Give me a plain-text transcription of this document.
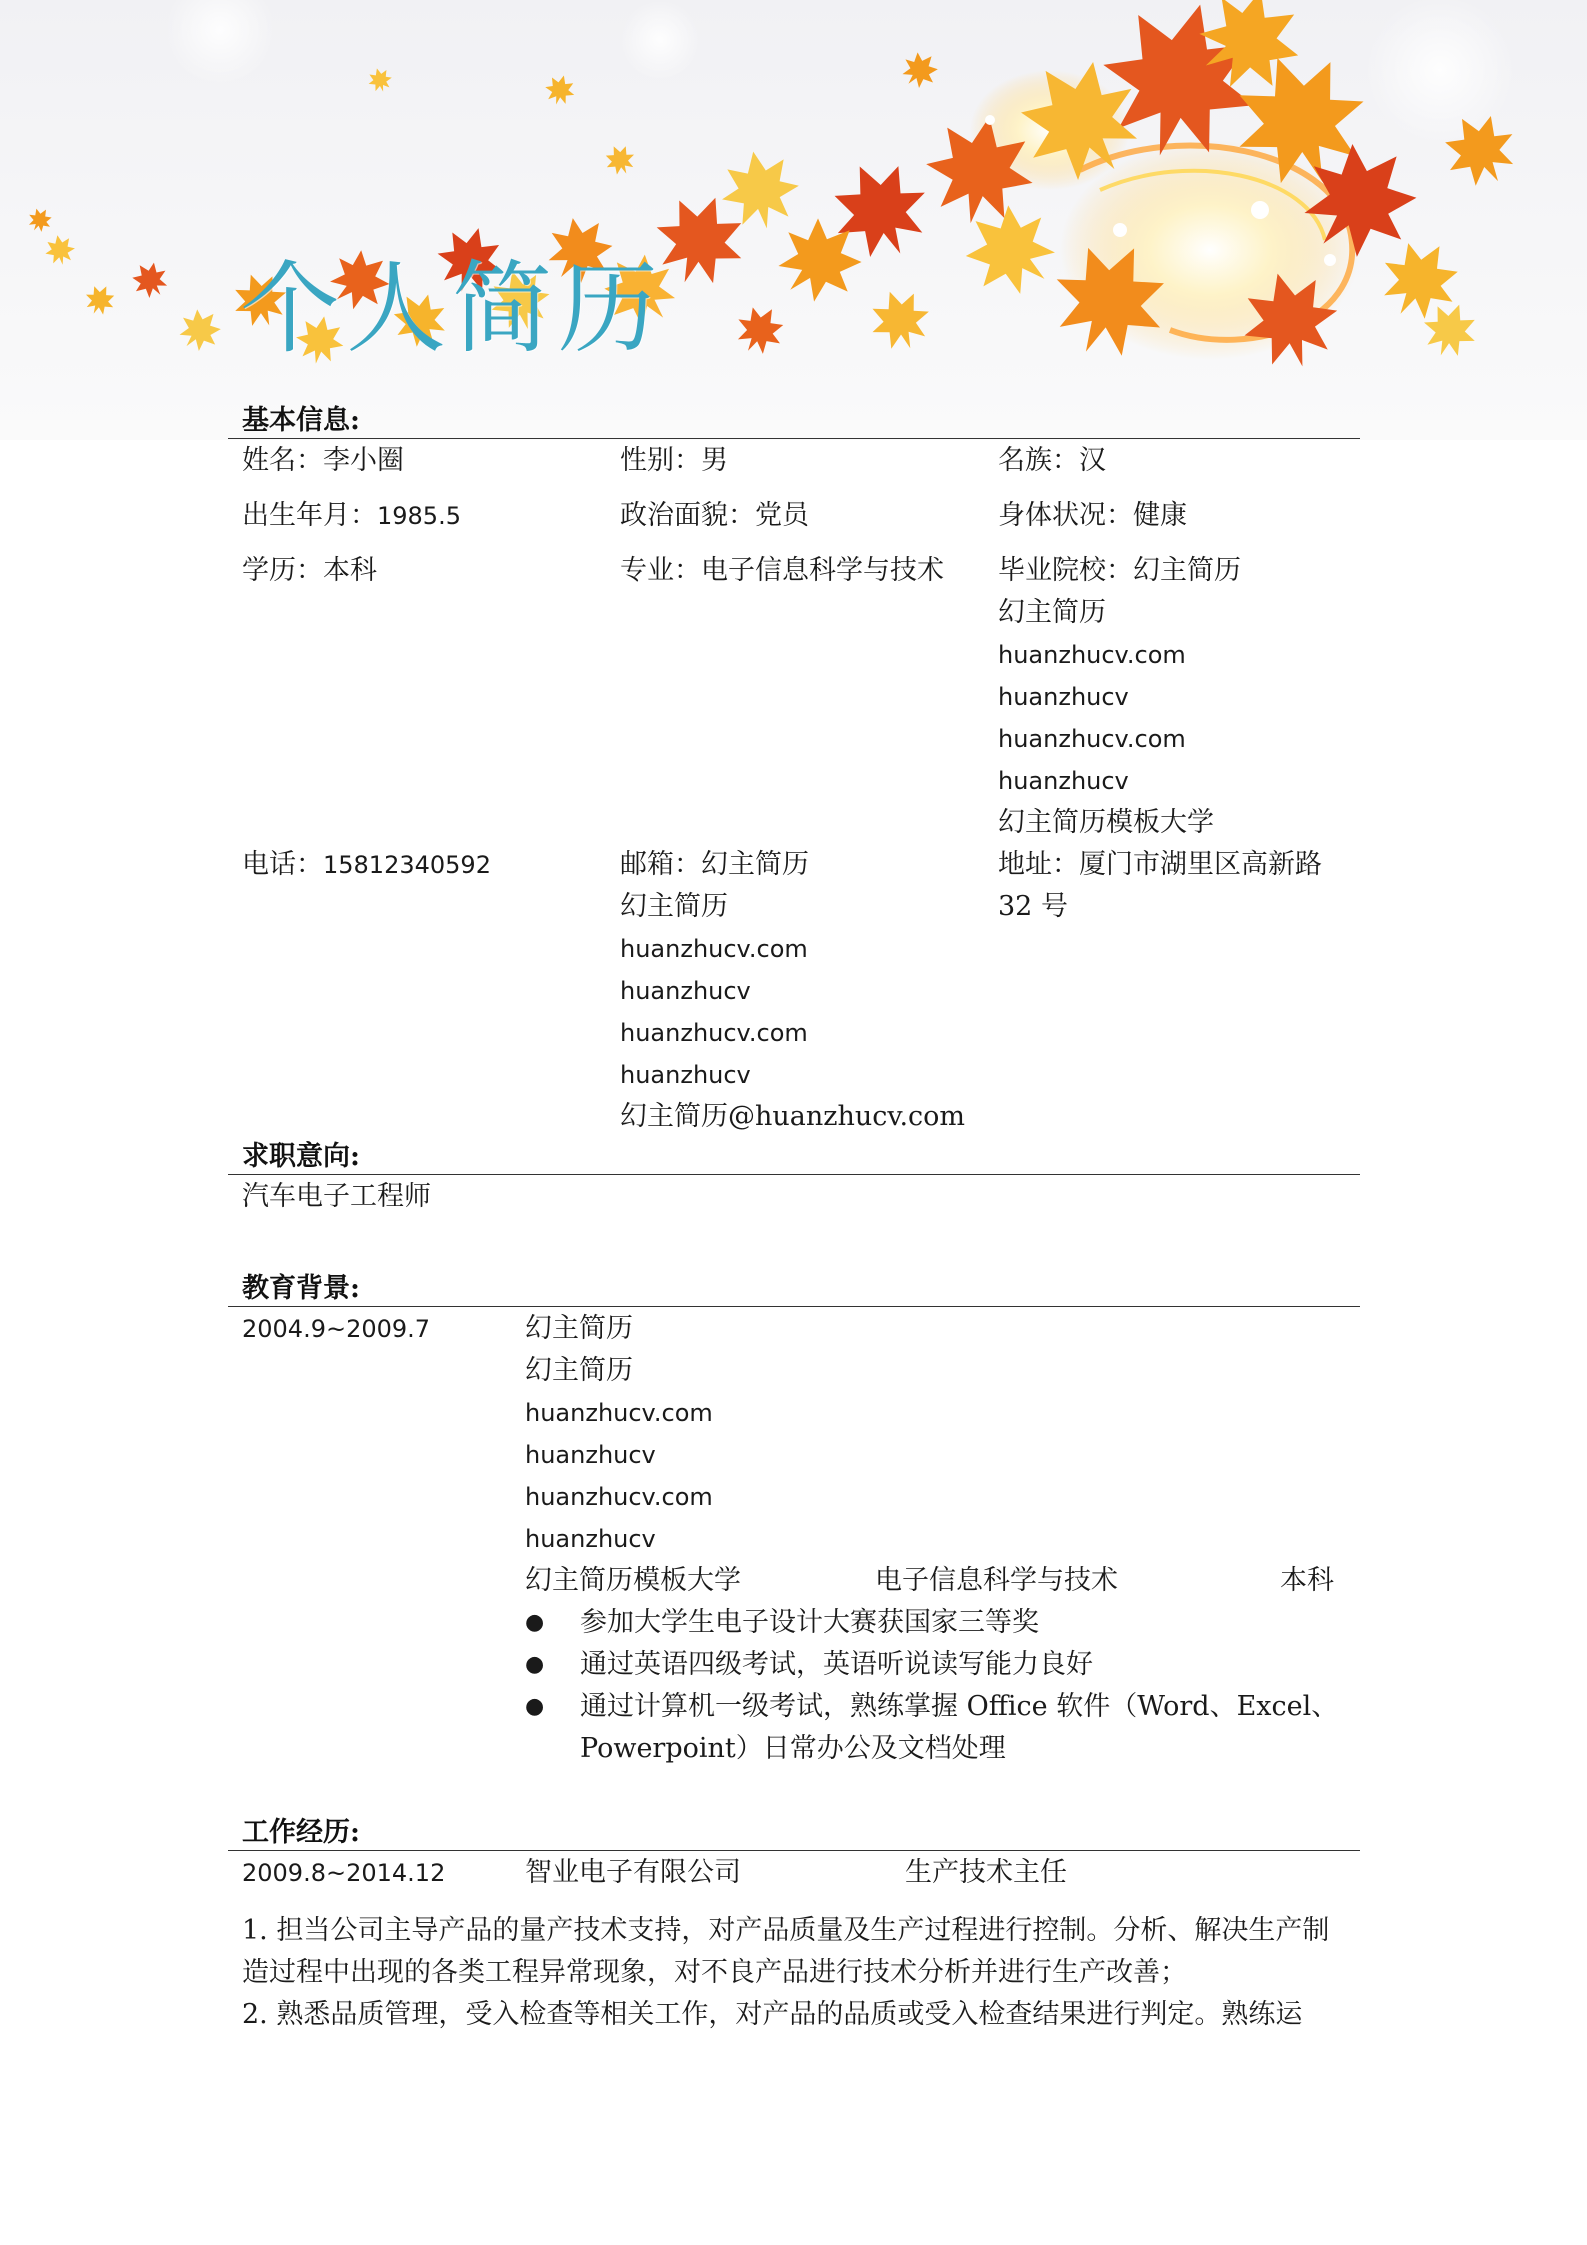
个人简历
基本信息:
姓名：李小圈	性别：男	名族：汉
出生年月：1985.5	政治面貌：党员	身体状况：健康
学历：本科	专业：电子信息科学与技术 毕业院校：幻主简历
幻主简历
huanzhucv.com
huanzhucv
huanzhucv.com
huanzhucv
幻主简历模板大学
电话：15812340592	邮箱：幻主简历
幻主简历
huanzhucv.com
huanzhucv
huanzhucv.com
huanzhucv
幻主简历@huanzhucv.com
地址：厦门市湖里区高新路
32 号
求职意向:
汽车电子工程师
教育背景:
2004.9~2009.7	幻主简历
幻主简历
huanzhucv.com
huanzhucv
huanzhucv.com
huanzhucv
幻主简历模板大学	电子信息科学与技术	本科
● 参加大学生电子设计大赛获国家三等奖
● 通过英语四级考试，英语听说读写能力良好
● 通过计算机一级考试，熟练掌握 Office 软件（Word、Excel、
Powerpoint）日常办公及文档处理
工作经历:
2009.8~2014.12	智业电子有限公司	生产技术主任
1. 担当公司主导产品的量产技术支持，对产品质量及生产过程进行控制。分析、解决生产制造过程中出现的各类工程异常现象，对不良产品进行技术分析并进行生产改善；
2. 熟悉品质管理，受入检查等相关工作，对产品的品质或受入检查结果进行判定。熟练运
